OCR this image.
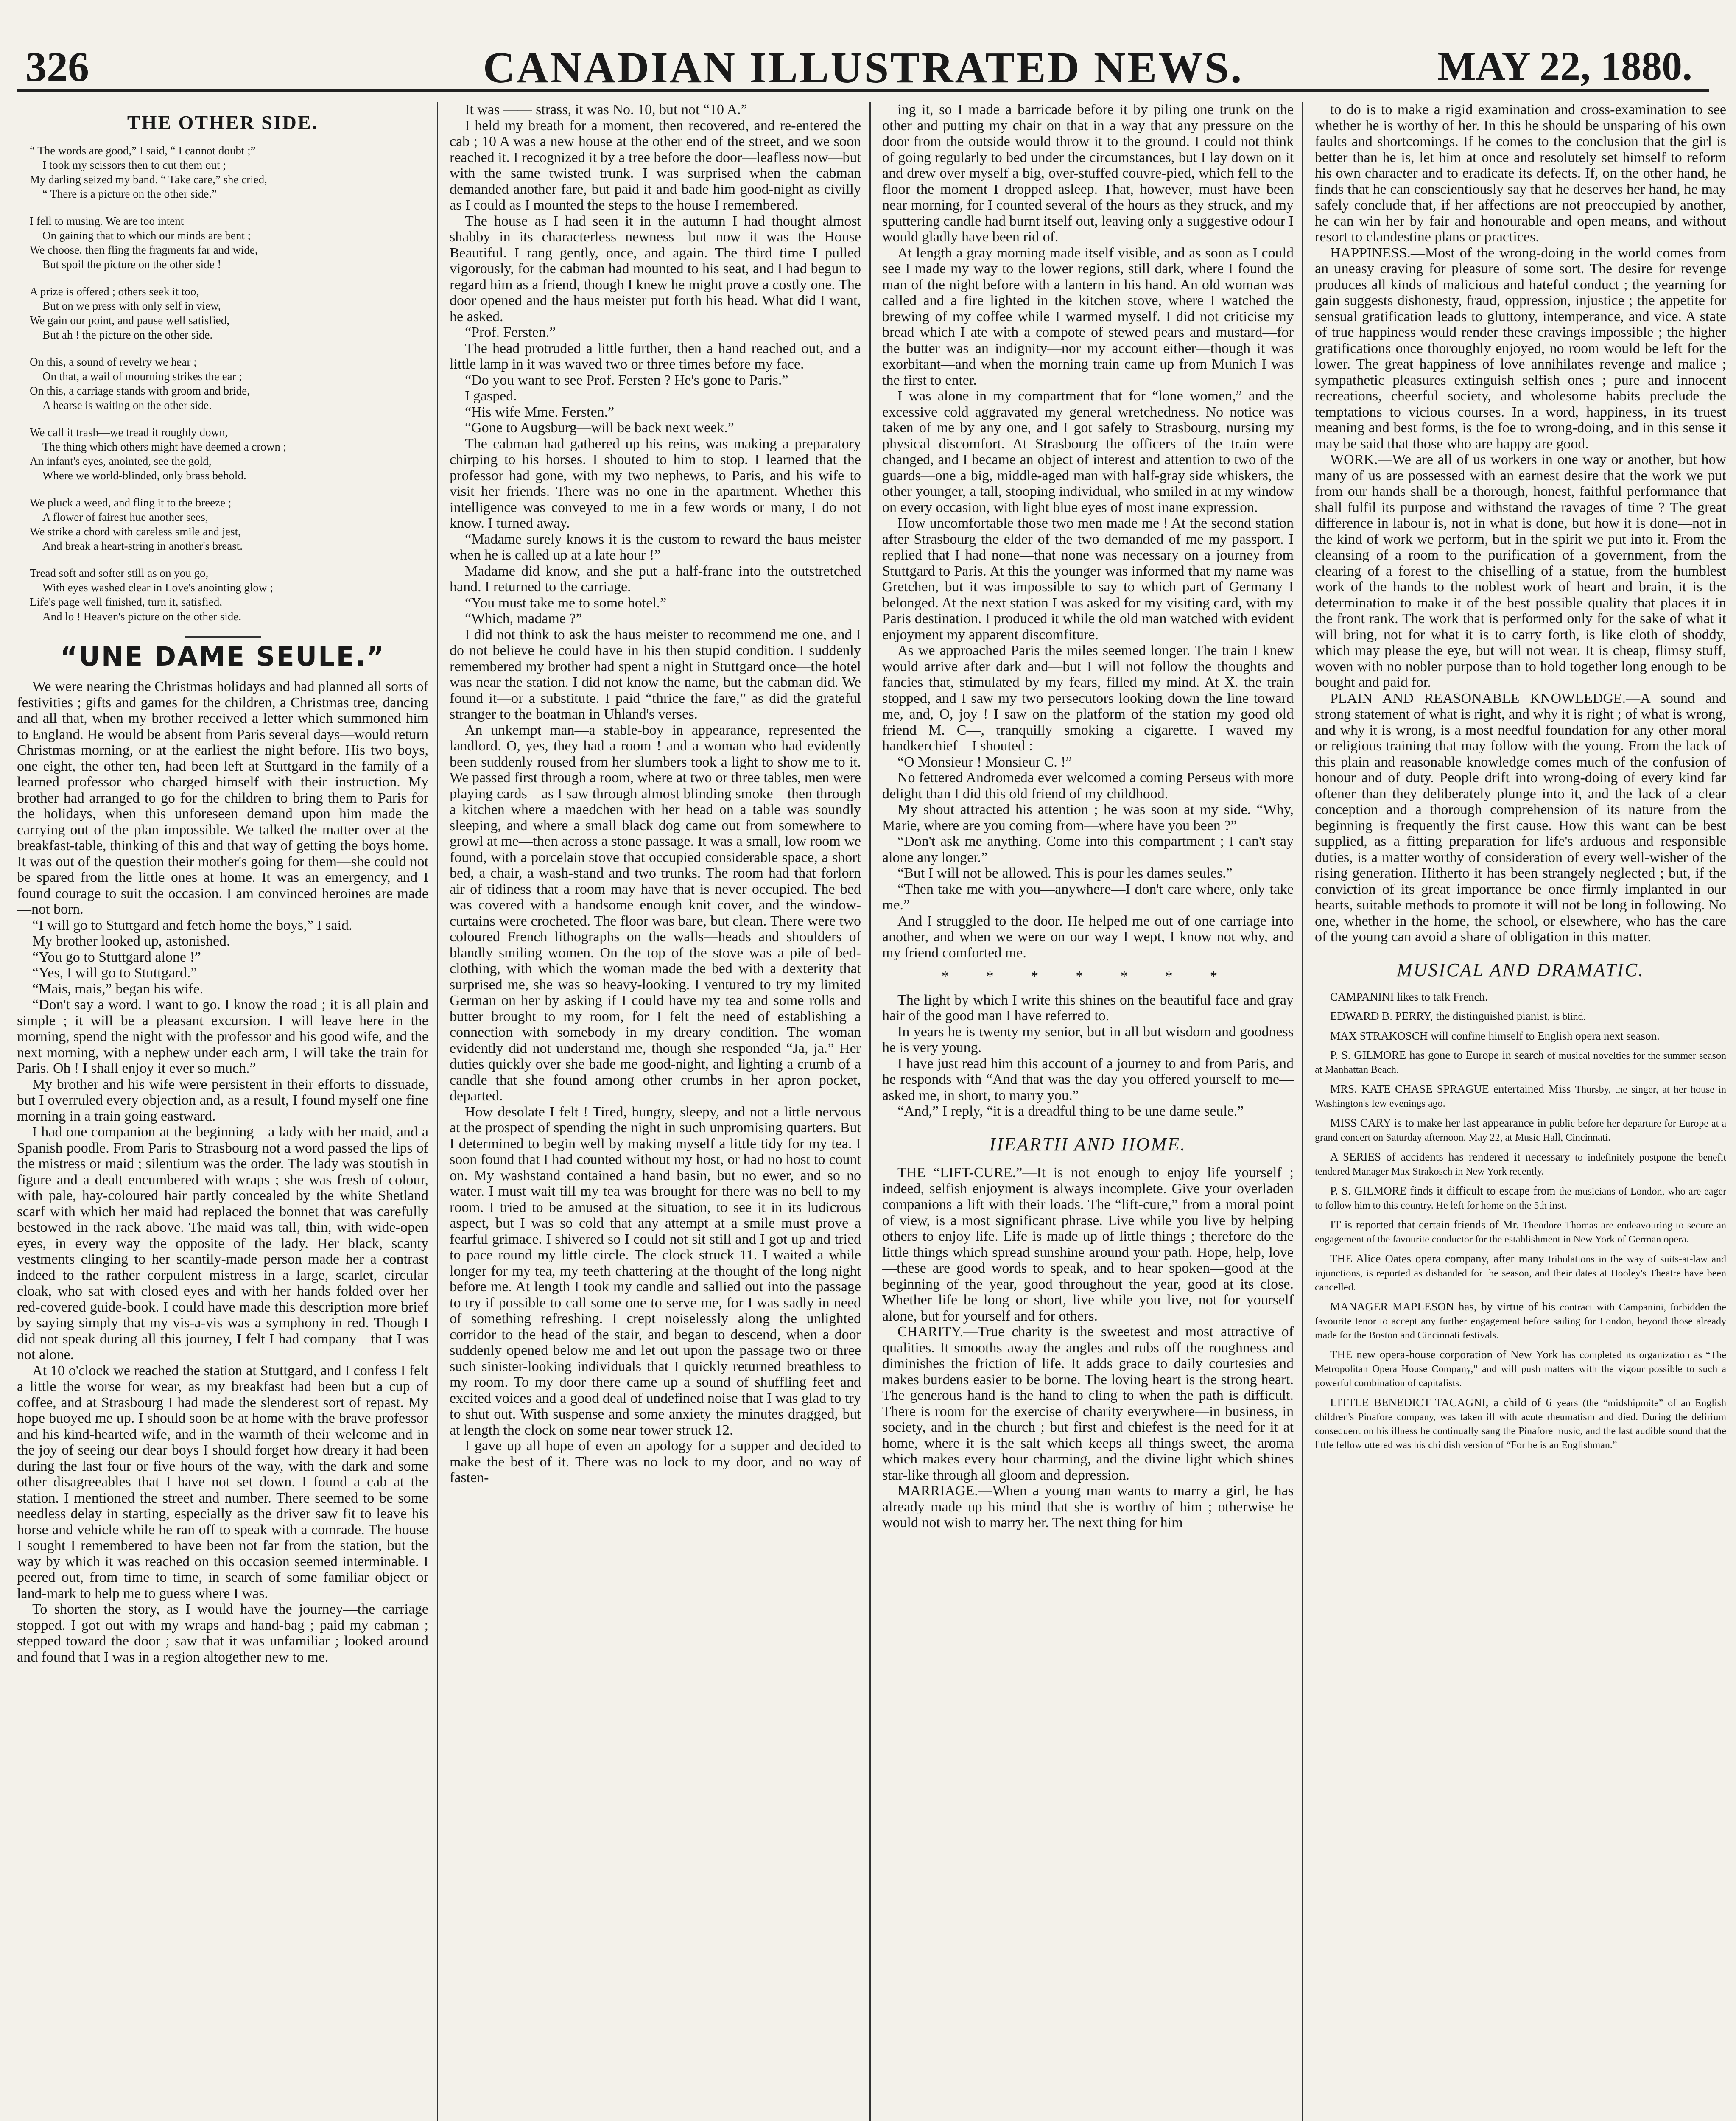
326	CANADIAN ILLUSTRATED NEWS.	MAY 22, 1880.
THE OTHER SIDE.
“ The words are good,” I said, “ I cannot doubt ;”
I took my scissors then to cut them out ;
My darling seized my band. “ Take care,” she cried,
“ There is a picture on the other side.”
I fell to musing. We are too intent
On gaining that to which our minds are bent ;
We choose, then fling the fragments far and wide,
But spoil the picture on the other side !
A prize is offered ; others seek it too,
But on we press with only self in view,
We gain our point, and pause well satisfied,
But ah ! the picture on the other side.
On this, a sound of revelry we hear ;
On that, a wail of mourning strikes the ear ;
On this, a carriage stands with groom and bride,
A hearse is waiting on the other side.
We call it trash—we tread it roughly down,
The thing which others might have deemed a crown ;
An infant's eyes, anointed, see the gold,
Where we world-blinded, only brass behold.
We pluck a weed, and fling it to the breeze ;
A flower of fairest hue another sees,
We strike a chord with careless smile and jest,
And break a heart-string in another's breast.
Tread soft and softer still as on you go,
With eyes washed clear in Love's anointing glow ;
Life's page well finished, turn it, satisfied,
And lo ! Heaven's picture on the other side.
“UNE DAME SEULE.”

We were nearing the Christmas holidays and had planned all sorts of festivities ; gifts and games for the children, a Christmas tree, dancing and all that, when my brother received a letter which summoned him to England. He would be absent from Paris several days—would return Christmas morning, or at the earliest the night before. His two boys, one eight, the other ten, had been left at Stuttgard in the family of a learned professor who charged himself with their instruction. My brother had arranged to go for the children to bring them to Paris for the holidays, when this unforeseen demand upon him made the carrying out of the plan impossible. We talked the matter over at the breakfast-table, thinking of this and that way of getting the boys home. It was out of the question their mother's going for them—she could not be spared from the little ones at home. It was an emergency, and I found courage to suit the occasion. I am convinced heroines are made—not born.

“I will go to Stuttgard and fetch home the boys,” I said.

My brother looked up, astonished.

“You go to Stuttgard alone !”

“Yes, I will go to Stuttgard.”

“Mais, mais,” began his wife.

“Don't say a word. I want to go. I know the road ; it is all plain and simple ; it will be a pleasant excursion. I will leave here in the morning, spend the night with the professor and his good wife, and the next morning, with a nephew under each arm, I will take the train for Paris. Oh ! I shall enjoy it ever so much.”

My brother and his wife were persistent in their efforts to dissuade, but I overruled every objection and, as a result, I found myself one fine morning in a train going eastward.

I had one companion at the beginning—a lady with her maid, and a Spanish poodle. From Paris to Strasbourg not a word passed the lips of the mistress or maid ; silentium was the order. The lady was stoutish in figure and a dealt encumbered with wraps ; she was fresh of colour, with pale, hay-coloured hair partly concealed by the white Shetland scarf with which her maid had replaced the bonnet that was carefully bestowed in the rack above. The maid was tall, thin, with wide-open eyes, in every way the opposite of the lady. Her black, scanty vestments clinging to her scantily-made person made her a contrast indeed to the rather corpulent mistress in a large, scarlet, circular cloak, who sat with closed eyes and with her hands folded over her red-covered guide-book. I could have made this description more brief by saying simply that my vis-a-vis was a symphony in red. Though I did not speak during all this journey, I felt I had company—that I was not alone.

At 10 o'clock we reached the station at Stuttgard, and I confess I felt a little the worse for wear, as my breakfast had been but a cup of coffee, and at Strasbourg I had made the slenderest sort of repast. My hope buoyed me up. I should soon be at home with the brave professor and his kind-hearted wife, and in the warmth of their welcome and in the joy of seeing our dear boys I should forget how dreary it had been during the last four or five hours of the way, with the dark and some other disagreeables that I have not set down. I found a cab at the station. I mentioned the street and number. There seemed to be some needless delay in starting, especially as the driver saw fit to leave his horse and vehicle while he ran off to speak with a comrade. The house I sought I remembered to have been not far from the station, but the way by which it was reached on this occasion seemed interminable. I peered out, from time to time, in search of some familiar object or land-mark to help me to guess where I was.

To shorten the story, as I would have the journey—the carriage stopped. I got out with my wraps and hand-bag ; paid my cabman ; stepped toward the door ; saw that it was unfamiliar ; looked around and found that I was in a region altogether new to me.

It was —— strass, it was No. 10, but not “10 A.”

I held my breath for a moment, then recovered, and re-entered the cab ; 10 A was a new house at the other end of the street, and we soon reached it. I recognized it by a tree before the door—leafless now—but with the same twisted trunk. I was surprised when the cabman demanded another fare, but paid it and bade him good-night as civilly as I could as I mounted the steps to the house I remembered.

The house as I had seen it in the autumn I had thought almost shabby in its characterless newness—but now it was the House Beautiful. I rang gently, once, and again. The third time I pulled vigorously, for the cabman had mounted to his seat, and I had begun to regard him as a friend, though I knew he might prove a costly one. The door opened and the haus meister put forth his head. What did I want, he asked.

“Prof. Fersten.”

The head protruded a little further, then a hand reached out, and a little lamp in it was waved two or three times before my face.

“Do you want to see Prof. Fersten ? He's gone to Paris.”

I gasped.

“His wife Mme. Fersten.”

“Gone to Augsburg—will be back next week.”

The cabman had gathered up his reins, was making a preparatory chirping to his horses. I shouted to him to stop. I learned that the professor had gone, with my two nephews, to Paris, and his wife to visit her friends. There was no one in the apartment. Whether this intelligence was conveyed to me in a few words or many, I do not know. I turned away.

“Madame surely knows it is the custom to reward the haus meister when he is called up at a late hour !”

Madame did know, and she put a half-franc into the outstretched hand. I returned to the carriage.

“You must take me to some hotel.”

“Which, madame ?”

I did not think to ask the haus meister to recommend me one, and I do not believe he could have in his then stupid condition. I suddenly remembered my brother had spent a night in Stuttgard once—the hotel was near the station. I did not know the name, but the cabman did. We found it—or a substitute. I paid “thrice the fare,” as did the grateful stranger to the boatman in Uhland's verses.

An unkempt man—a stable-boy in appearance, represented the landlord. O, yes, they had a room ! and a woman who had evidently been suddenly roused from her slumbers took a light to show me to it. We passed first through a room, where at two or three tables, men were playing cards—as I saw through almost blinding smoke—then through a kitchen where a maedchen with her head on a table was soundly sleeping, and where a small black dog came out from somewhere to growl at me—then across a stone passage. It was a small, low room we found, with a porcelain stove that occupied considerable space, a short bed, a chair, a wash-stand and two trunks. The room had that forlorn air of tidiness that a room may have that is never occupied. The bed was covered with a handsome enough knit cover, and the window-curtains were crocheted. The floor was bare, but clean. There were two coloured French lithographs on the walls—heads and shoulders of blandly smiling women. On the top of the stove was a pile of bed-clothing, with which the woman made the bed with a dexterity that surprised me, she was so heavy-looking. I ventured to try my limited German on her by asking if I could have my tea and some rolls and butter brought to my room, for I felt the need of establishing a connection with somebody in my dreary condition. The woman evidently did not understand me, though she responded “Ja, ja.” Her duties quickly over she bade me good-night, and lighting a crumb of a candle that she found among other crumbs in her apron pocket, departed.

How desolate I felt ! Tired, hungry, sleepy, and not a little nervous at the prospect of spending the night in such unpromising quarters. But I determined to begin well by making myself a little tidy for my tea. I soon found that I had counted without my host, or had no host to count on. My washstand contained a hand basin, but no ewer, and so no water. I must wait till my tea was brought for there was no bell to my room. I tried to be amused at the situation, to see it in its ludicrous aspect, but I was so cold that any attempt at a smile must prove a fearful grimace. I shivered so I could not sit still and I got up and tried to pace round my little circle. The clock struck 11. I waited a while longer for my tea, my teeth chattering at the thought of the long night before me. At length I took my candle and sallied out into the passage to try if possible to call some one to serve me, for I was sadly in need of something refreshing. I crept noiselessly along the unlighted corridor to the head of the stair, and began to descend, when a door suddenly opened below me and let out upon the passage two or three such sinister-looking individuals that I quickly returned breathless to my room. To my door there came up a sound of shuffling feet and excited voices and a good deal of undefined noise that I was glad to try to shut out. With suspense and some anxiety the minutes dragged, but at length the clock on some near tower struck 12.

I gave up all hope of even an apology for a supper and decided to make the best of it. There was no lock to my door, and no way of fasten-

ing it, so I made a barricade before it by piling one trunk on the other and putting my chair on that in a way that any pressure on the door from the outside would throw it to the ground. I could not think of going regularly to bed under the circumstances, but I lay down on it and drew over myself a big, over-stuffed couvre-pied, which fell to the floor the moment I dropped asleep. That, however, must have been near morning, for I counted several of the hours as they struck, and my sputtering candle had burnt itself out, leaving only a suggestive odour I would gladly have been rid of.

At length a gray morning made itself visible, and as soon as I could see I made my way to the lower regions, still dark, where I found the man of the night before with a lantern in his hand. An old woman was called and a fire lighted in the kitchen stove, where I watched the brewing of my coffee while I warmed myself. I did not criticise my bread which I ate with a compote of stewed pears and mustard—for the butter was an indignity—nor my account either—though it was exorbitant—and when the morning train came up from Munich I was the first to enter.

I was alone in my compartment that for “lone women,” and the excessive cold aggravated my general wretchedness. No notice was taken of me by any one, and I got safely to Strasbourg, nursing my physical discomfort. At Strasbourg the officers of the train were changed, and I became an object of interest and attention to two of the guards—one a big, middle-aged man with half-gray side whiskers, the other younger, a tall, stooping individual, who smiled in at my window on every occasion, with light blue eyes of most inane expression.

How uncomfortable those two men made me ! At the second station after Strasbourg the elder of the two demanded of me my passport. I replied that I had none—that none was necessary on a journey from Stuttgard to Paris. At this the younger was informed that my name was Gretchen, but it was impossible to say to which part of Germany I belonged. At the next station I was asked for my visiting card, with my Paris destination. I produced it while the old man watched with evident enjoyment my apparent discomfiture.

As we approached Paris the miles seemed longer. The train I knew would arrive after dark and—but I will not follow the thoughts and fancies that, stimulated by my fears, filled my mind. At X. the train stopped, and I saw my two persecutors looking down the line toward me, and, O, joy ! I saw on the platform of the station my good old friend M. C—, tranquilly smoking a cigarette. I waved my handkerchief—I shouted :

“O Monsieur ! Monsieur C. !”

No fettered Andromeda ever welcomed a coming Perseus with more delight than I did this old friend of my childhood.

My shout attracted his attention ; he was soon at my side. “Why, Marie, where are you coming from—where have you been ?”

“Don't ask me anything. Come into this compartment ; I can't stay alone any longer.”

“But I will not be allowed. This is pour les dames seules.”

“Then take me with you—anywhere—I don't care where, only take me.”

And I struggled to the door. He helped me out of one carriage into another, and when we were on our way I wept, I know not why, and my friend comforted me.

* * * * * * *

The light by which I write this shines on the beautiful face and gray hair of the good man I have referred to.

In years he is twenty my senior, but in all but wisdom and goodness he is very young.

I have just read him this account of a journey to and from Paris, and he responds with “And that was the day you offered yourself to me—asked me, in short, to marry you.”

“And,” I reply, “it is a dreadful thing to be une dame seule.”

HEARTH AND HOME.

THE “LIFT-CURE.”—It is not enough to enjoy life yourself ; indeed, selfish enjoyment is always incomplete. Give your overladen companions a lift with their loads. The “lift-cure,” from a moral point of view, is a most significant phrase. Live while you live by helping others to enjoy life. Life is made up of little things ; therefore do the little things which spread sunshine around your path. Hope, help, love—these are good words to speak, and to hear spoken—good at the beginning of the year, good throughout the year, good at its close. Whether life be long or short, live while you live, not for yourself alone, but for yourself and for others.

CHARITY.—True charity is the sweetest and most attractive of qualities. It smooths away the angles and rubs off the roughness and diminishes the friction of life. It adds grace to daily courtesies and makes burdens easier to be borne. The loving heart is the strong heart. The generous hand is the hand to cling to when the path is difficult. There is room for the exercise of charity everywhere—in business, in society, and in the church ; but first and chiefest is the need for it at home, where it is the salt which keeps all things sweet, the aroma which makes every hour charming, and the divine light which shines star-like through all gloom and depression.

MARRIAGE.—When a young man wants to marry a girl, he has already made up his mind that she is worthy of him ; otherwise he would not wish to marry her. The next thing for him

to do is to make a rigid examination and cross-examination to see whether he is worthy of her. In this he should be unsparing of his own faults and shortcomings. If he comes to the conclusion that the girl is better than he is, let him at once and resolutely set himself to reform his own character and to eradicate its defects. If, on the other hand, he finds that he can conscientiously say that he deserves her hand, he may safely conclude that, if her affections are not preoccupied by another, he can win her by fair and honourable and open means, and without resort to clandestine plans or practices.

HAPPINESS.—Most of the wrong-doing in the world comes from an uneasy craving for pleasure of some sort. The desire for revenge produces all kinds of malicious and hateful conduct ; the yearning for gain suggests dishonesty, fraud, oppression, injustice ; the appetite for sensual gratification leads to gluttony, intemperance, and vice. A state of true happiness would render these cravings impossible ; the higher gratifications once thoroughly enjoyed, no room would be left for the lower. The great happiness of love annihilates revenge and malice ; sympathetic pleasures extinguish selfish ones ; pure and innocent recreations, cheerful society, and wholesome habits preclude the temptations to vicious courses. In a word, happiness, in its truest meaning and best forms, is the foe to wrong-doing, and in this sense it may be said that those who are happy are good.

WORK.—We are all of us workers in one way or another, but how many of us are possessed with an earnest desire that the work we put from our hands shall be a thorough, honest, faithful performance that shall fulfil its purpose and withstand the ravages of time ? The great difference in labour is, not in what is done, but how it is done—not in the kind of work we perform, but in the spirit we put into it. From the cleansing of a room to the purification of a government, from the clearing of a forest to the chiselling of a statue, from the humblest work of the hands to the noblest work of heart and brain, it is the determination to make it of the best possible quality that places it in the front rank. The work that is performed only for the sake of what it will bring, not for what it is to carry forth, is like cloth of shoddy, which may please the eye, but will not wear. It is cheap, flimsy stuff, woven with no nobler purpose than to hold together long enough to be bought and paid for.

PLAIN AND REASONABLE KNOWLEDGE.—A sound and strong statement of what is right, and why it is right ; of what is wrong, and why it is wrong, is a most needful foundation for any other moral or religious training that may follow with the young. From the lack of this plain and reasonable knowledge comes much of the confusion of honour and of duty. People drift into wrong-doing of every kind far oftener than they deliberately plunge into it, and the lack of a clear conception and a thorough comprehension of its nature from the beginning is frequently the first cause. How this want can be best supplied, as a fitting preparation for life's arduous and responsible duties, is a matter worthy of consideration of every well-wisher of the rising generation. Hitherto it has been strangely neglected ; but, if the conviction of its great importance be once firmly implanted in our hearts, suitable methods to promote it will not be long in following. No one, whether in the home, the school, or elsewhere, who has the care of the young can avoid a share of obligation in this matter.

MUSICAL AND DRAMATIC.

CAMPANINI likes to talk French.

EDWARD B. PERRY, the distinguished pianist, is blind.

MAX STRAKOSCH will confine himself to English opera next season.

P. S. GILMORE has gone to Europe in search of musical novelties for the summer season at Manhattan Beach.

MRS. KATE CHASE SPRAGUE entertained Miss Thursby, the singer, at her house in Washington's few evenings ago.

MISS CARY is to make her last appearance in public before her departure for Europe at a grand concert on Saturday afternoon, May 22, at Music Hall, Cincinnati.

A SERIES of accidents has rendered it necessary to indefinitely postpone the benefit tendered Manager Max Strakosch in New York recently.

P. S. GILMORE finds it difficult to escape from the musicians of London, who are eager to follow him to this country. He left for home on the 5th inst.

IT is reported that certain friends of Mr. Theodore Thomas are endeavouring to secure an engagement of the favourite conductor for the establishment in New York of German opera.

THE Alice Oates opera company, after many tribulations in the way of suits-at-law and injunctions, is reported as disbanded for the season, and their dates at Hooley's Theatre have been cancelled.

MANAGER MAPLESON has, by virtue of his contract with Campanini, forbidden the favourite tenor to accept any further engagement before sailing for London, beyond those already made for the Boston and Cincinnati festivals.

THE new opera-house corporation of New York has completed its organization as “The Metropolitan Opera House Company,” and will push matters with the vigour possible to such a powerful combination of capitalists.

LITTLE BENEDICT TACAGNI, a child of 6 years (the “midshipmite” of an English children's Pinafore company, was taken ill with acute rheumatism and died. During the delirium consequent on his illness he continually sang the Pinafore music, and the last audible sound that the little fellow uttered was his childish version of “For he is an Englishman.”
